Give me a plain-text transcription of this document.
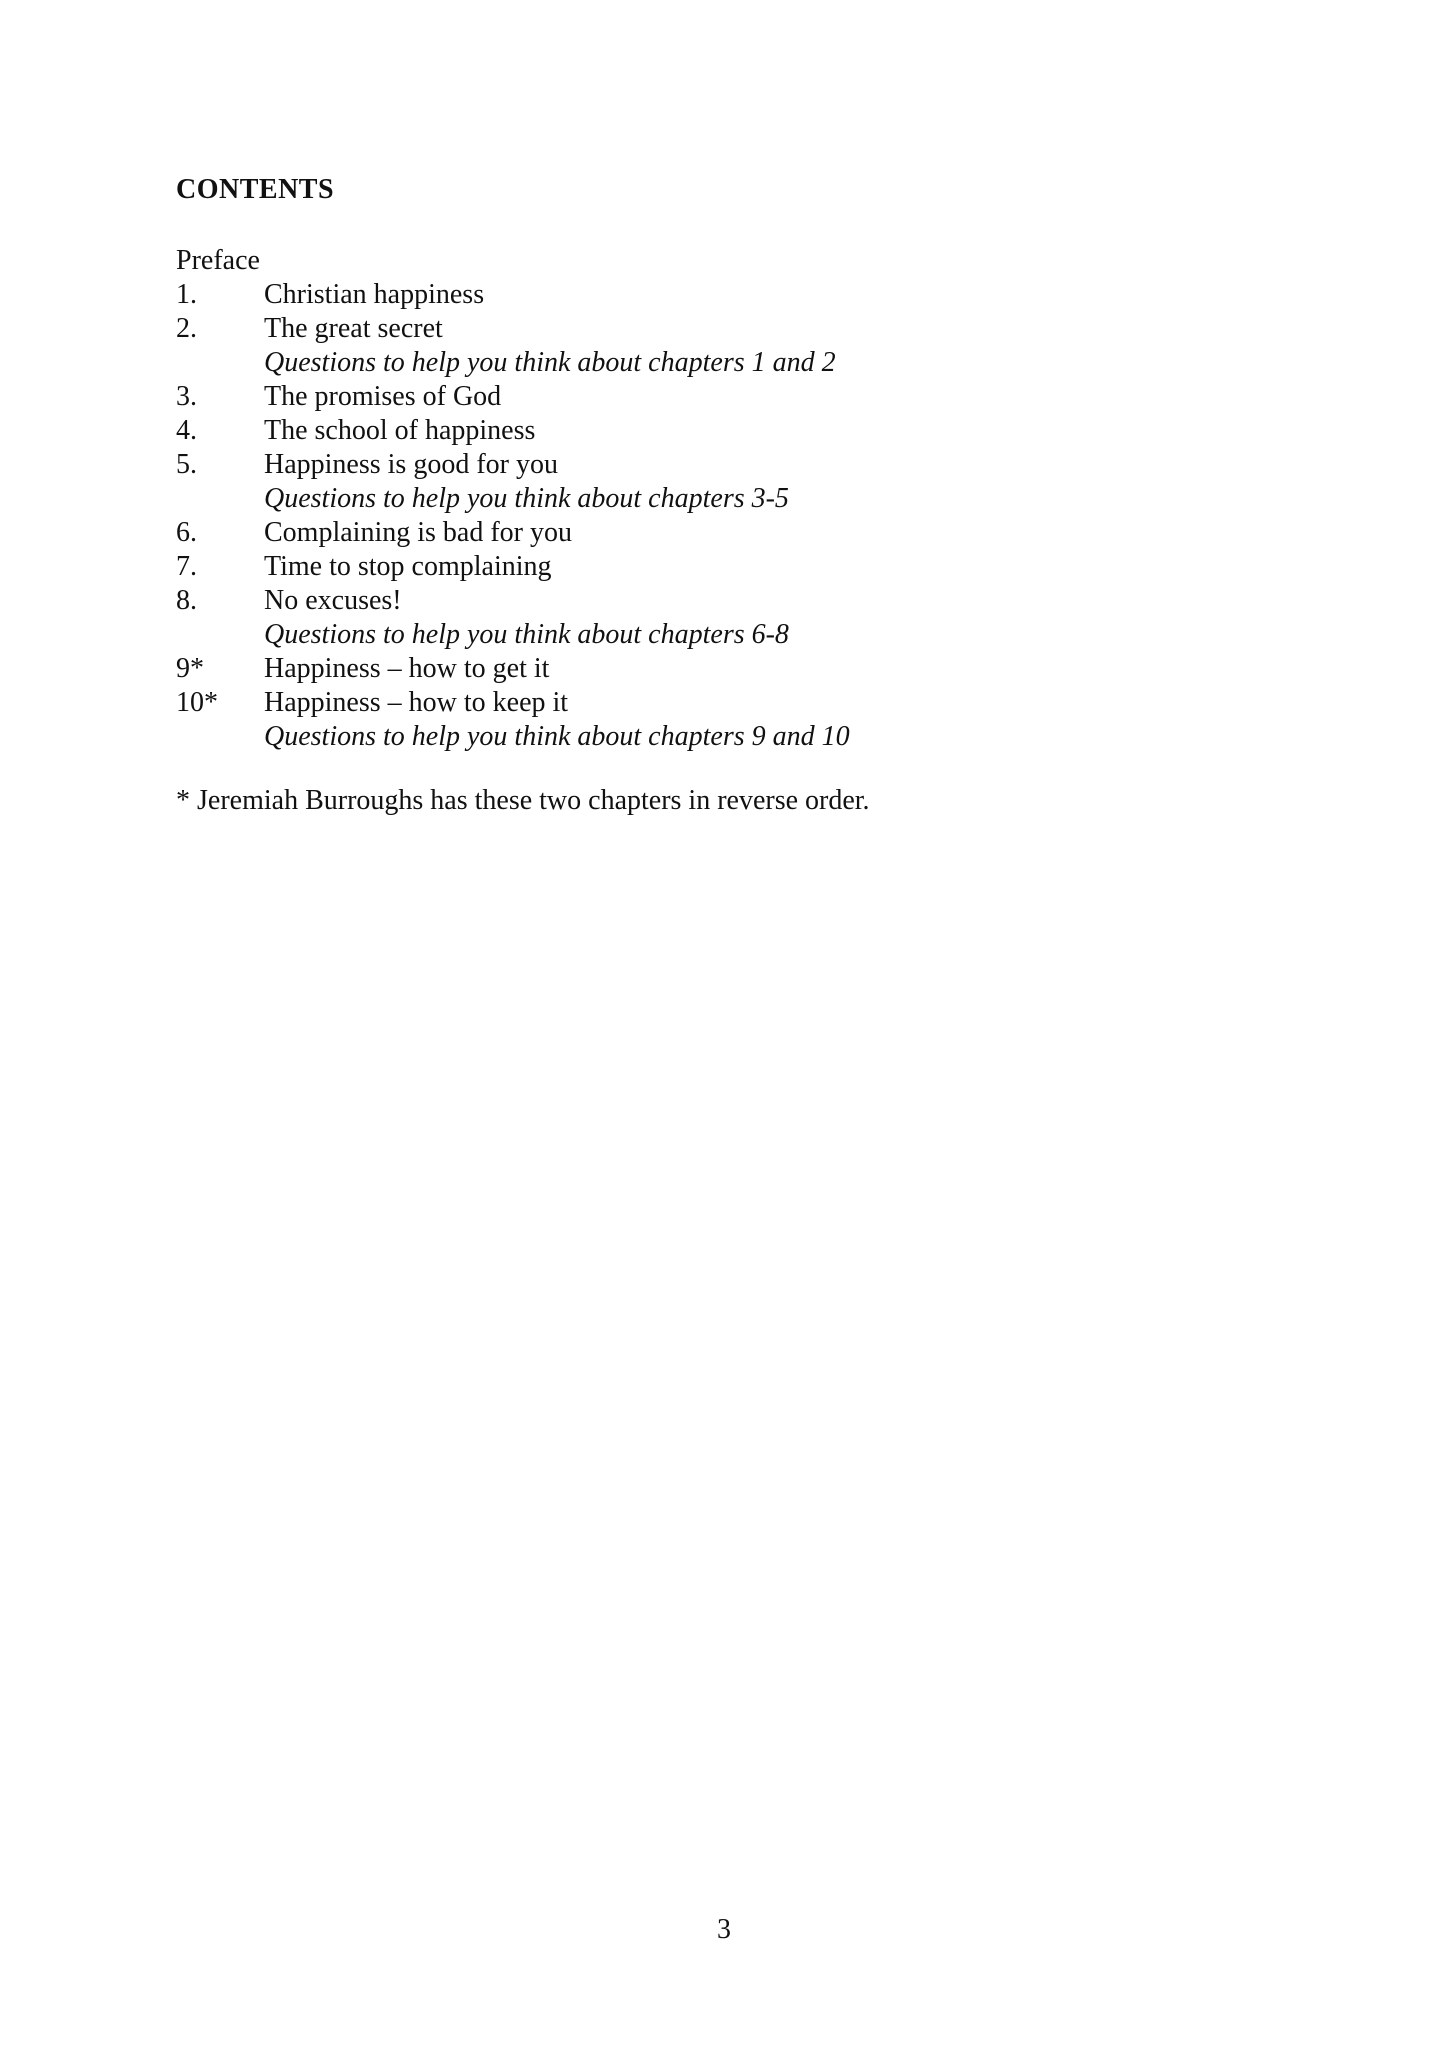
CONTENTS
Preface
1. Christian happiness
2. The great secret
Questions to help you think about chapters 1 and 2
3. The promises of God
4. The school of happiness
5. Happiness is good for you
Questions to help you think about chapters 3-5
6. Complaining is bad for you
7. Time to stop complaining
8. No excuses!
Questions to help you think about chapters 6-8
9* Happiness – how to get it
10* Happiness – how to keep it
Questions to help you think about chapters 9 and 10
* Jeremiah Burroughs has these two chapters in reverse order.
3
